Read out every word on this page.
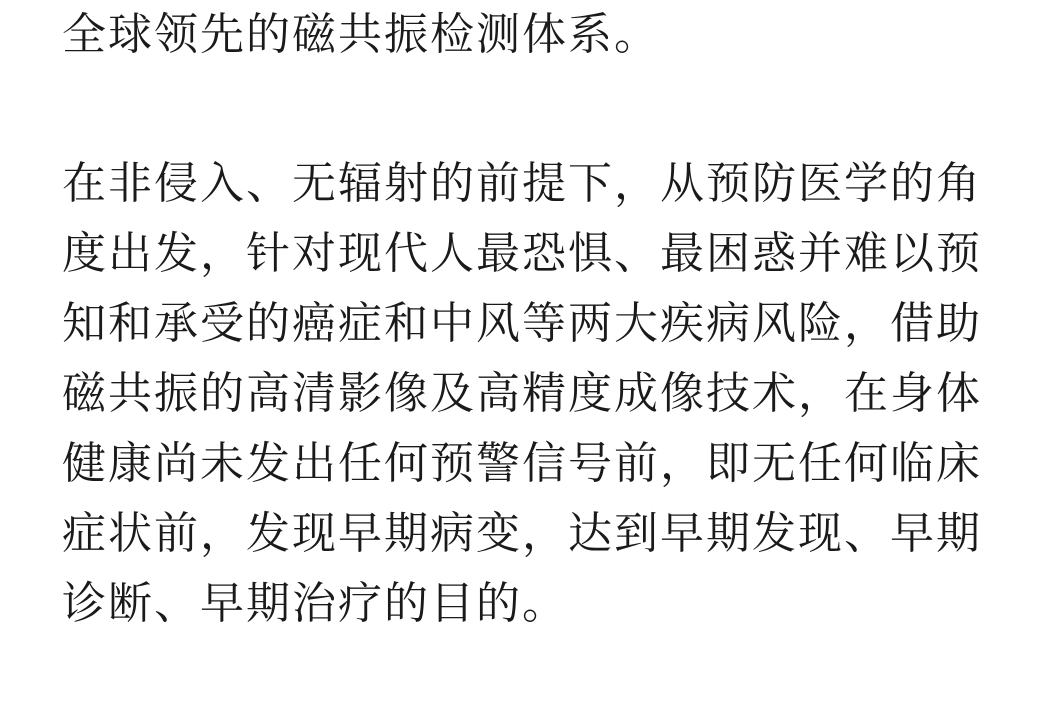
全球领先的磁共振检测体系。

在非侵入、无辐射的前提下，从预防医学的角度出发，针对现代人最恐惧、最困惑并难以预知和承受的癌症和中风等两大疾病风险，借助磁共振的高清影像及高精度成像技术，在身体健康尚未发出任何预警信号前，即无任何临床症状前，发现早期病变，达到早期发现、早期诊断、早期治疗的目的。
